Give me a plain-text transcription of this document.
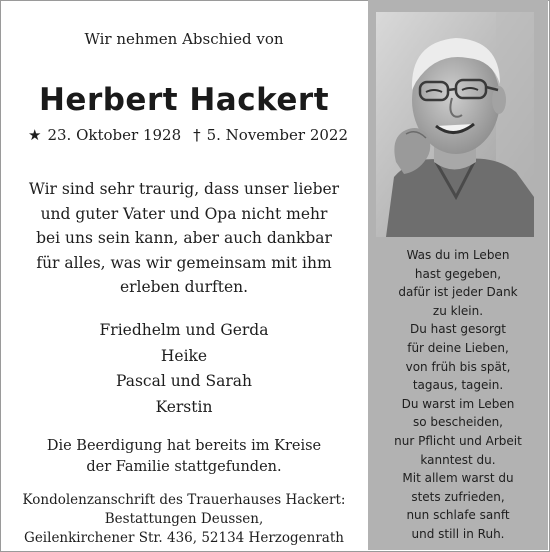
Wir nehmen Abschied von
Herbert Hackert
★ 23. Oktober 1928 † 5. November 2022
Wir sind sehr traurig, dass unser lieber
und guter Vater und Opa nicht mehr
bei uns sein kann, aber auch dankbar
für alles, was wir gemeinsam mit ihm
erleben durften.
Friedhelm und Gerda
Heike
Pascal und Sarah
Kerstin
Die Beerdigung hat bereits im Kreise
der Familie stattgefunden.
Kondolenzanschrift des Trauerhauses Hackert:
Bestattungen Deussen,
Geilenkirchener Str. 436, 52134 Herzogenrath
Was du im Leben
hast gegeben,
dafür ist jeder Dank
zu klein.
Du hast gesorgt
für deine Lieben,
von früh bis spät,
tagaus, tagein.
Du warst im Leben
so bescheiden,
nur Pflicht und Arbeit
kanntest du.
Mit allem warst du
stets zufrieden,
nun schlafe sanft
und still in Ruh.
